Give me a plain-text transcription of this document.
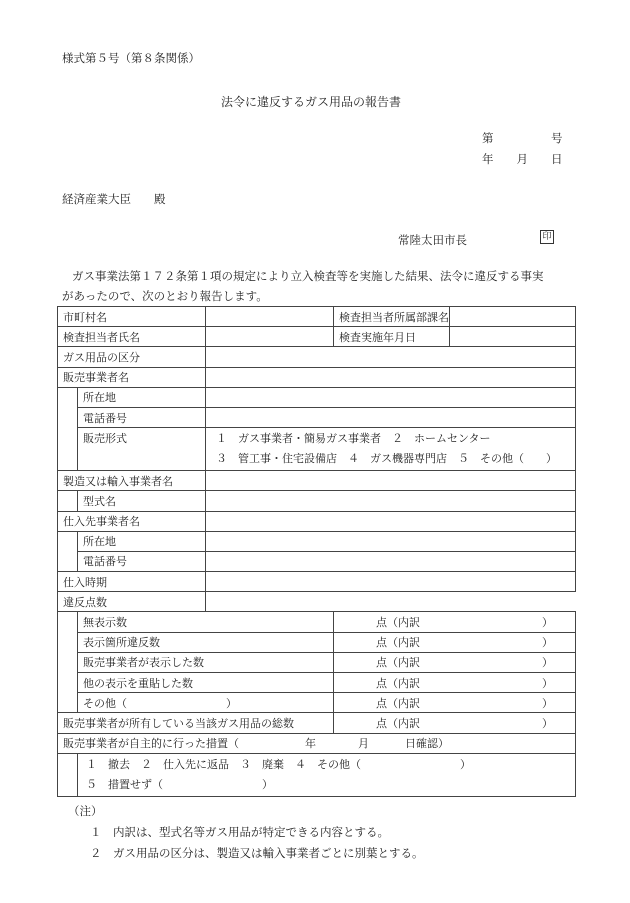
様式第５号（第８条関係）
法令に違反するガス用品の報告書
第　　　　　号
年　　月　　日
経済産業大臣　　殿
常陸太田市長	印
ガス事業法第１７２条第１項の規定により立入検査等を実施した結果、法令に違反する事実
があったので、次のとおり報告します。
市町村名			検査担当者所属部課名	
検査担当者氏名			検査実施年月日	
ガス用品の区分				
販売事業者名				
	所在地			
	電話番号			
	販売形式	１　ガス事業者・簡易ガス事業者　２　ホームセンター
３　管工事・住宅設備店　４　ガス機器専門店　５　その他（　　）		

製造又は輸入事業者名				
	型式名			
仕入先事業者名				
	所在地			
	電話番号			
仕入時期				
違反点数				
	無表示数		点（内訳 ）	
	表示箇所違反数		点（内訳 ）	
	販売事業者が表示した数		点（内訳 ）	
	他の表示を重貼した数		点（内訳 ）	
	その他（　　　　　　　　　）		点（内訳 ）	
販売事業者が所有している当該ガス用品の総数			点（内訳 ）	
販売事業者が自主的に行った措置（ 年 月 日確認）				

	１　撤去　２　仕入先に返品　３　廃棄　４　その他（　　　　　　　　　）
５　措置せず（　　　　　　　　　）			
（注）
１　内訳は、型式名等ガス用品が特定できる内容とする。
２　ガス用品の区分は、製造又は輸入事業者ごとに別葉とする。
